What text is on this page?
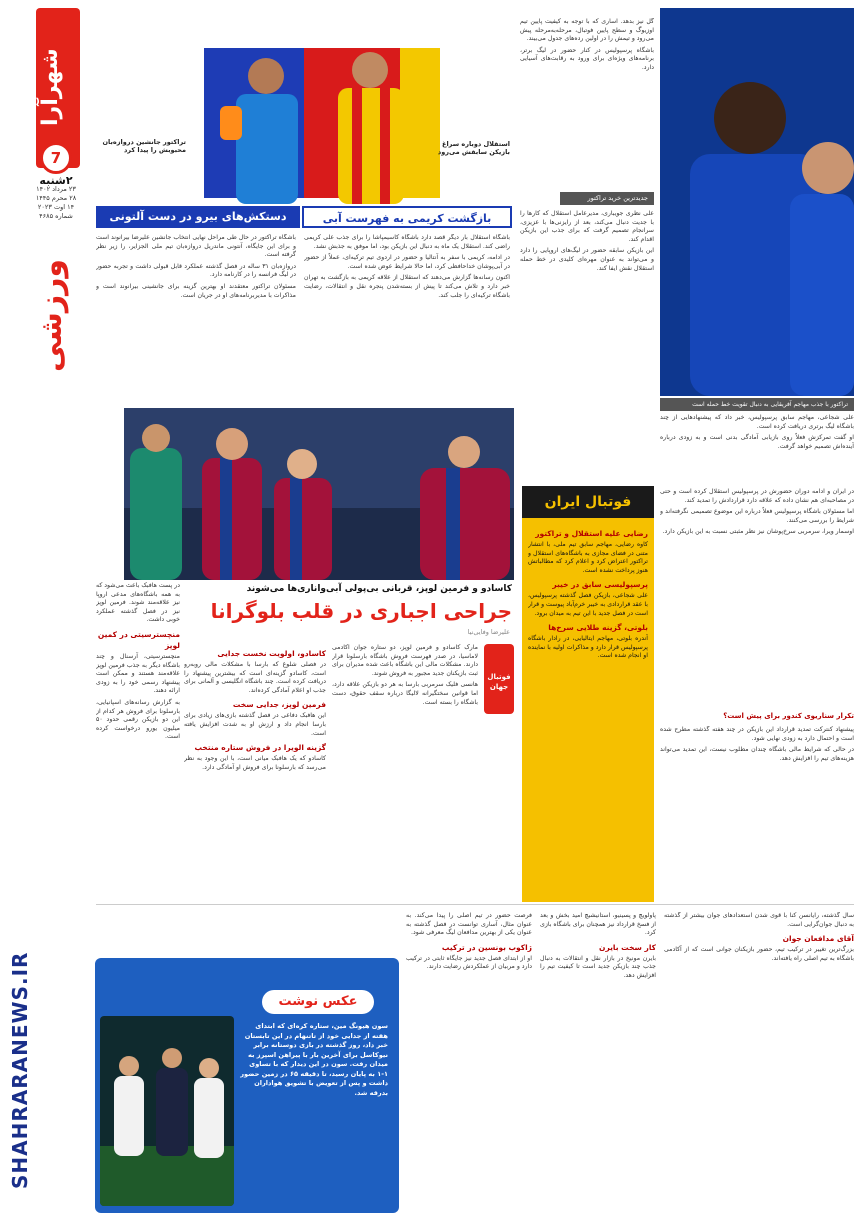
شهرآرا
7
۲شنبه
۲۳ مرداد ۱۴۰۲
۲۸ محرم ۱۴۴۵
۱۴ اوت ۲۰۲۳
شماره ۴۶۸۵
ورزشی
SHAHRARANEWS.IR
تراکتور جانشین دروازه‌بان محبوبش را پیدا کرد
استقلال دوباره سراغ بازیکن سابقش می‌رود
دستکش‌های بیرو در دست آلتونی	بازگشت کریمی به فهرست آبی

باشگاه استقلال بار دیگر قصد دارد باشگاه کاسیمپاشا را برای جذب علی کریمی راضی کند. استقلال یک ماه به دنبال این بازیکن بود، اما موفق به جذبش نشد.

در ادامه، کریمی با سفر به آنتالیا و حضور در اردوی تیم ترکیه‌ای، عملاً از حضور در آبی‌پوشان خداحافظی کرد، اما حالا شرایط عوض شده است.

اکنون رسانه‌ها گزارش می‌دهند که استقلال از علاقه کریمی به بازگشت به تهران خبر دارد و تلاش می‌کند تا پیش از بسته‌شدن پنجره نقل و انتقالات، رضایت باشگاه ترکیه‌ای را جلب کند.

باشگاه تراکتور در حال طی مراحل نهایی انتخاب جانشین علیرضا بیرانوند است و برای این جایگاه، آنتونی ماندریل دروازه‌بان تیم ملی الجزایر، را زیر نظر گرفته است.

دروازه‌بان ۳۱ ساله در فصل گذشته عملکرد قابل قبولی داشت و تجربه حضور در لیگ فرانسه را در کارنامه دارد.

مسئولان تراکتور معتقدند او بهترین گزینه برای جانشینی بیرانوند است و مذاکرات با مدیربرنامه‌های او در جریان است.

گل نیز بدهد. آساری که با توجه به کیفیت پایین تیم اوزیوگ و سطح پایین فوتبال، مرحله‌به‌مرحله پیش می‌رود و تیمش را در اولین رده‌های جدول می‌بیند.

باشگاه پرسپولیس در کنار حضور در لیگ برتر، برنامه‌های ویژه‌ای برای ورود به رقابت‌های آسیایی دارد.

جدیدترین خرید تراکتور

علی نظری جویباری، مدیرعامل استقلال که کارها را با جدیت دنبال می‌کند، بعد از رایزنی‌ها با عزیزی، سرانجام تصمیم گرفت که برای جذب این بازیکن اقدام کند.

این بازیکن سابقه حضور در لیگ‌های اروپایی را دارد و می‌تواند به عنوان مهره‌ای کلیدی در خط حمله استقلال نقش ایفا کند.

تراکتور با جذب مهاجم آفریقایی به دنبال تقویت خط حمله است

علی شجاعی، مهاجم سابق پرسپولیس، خبر داد که پیشنهادهایی از چند باشگاه لیگ برتری دریافت کرده است.

او گفت تمرکزش فعلاً روی بازیابی آمادگی بدنی است و به زودی درباره آینده‌اش تصمیم خواهد گرفت.

کاسادو و فرمین لوپز، قربانی بی‌پولی آبی‌واناری‌ها می‌شوند
جراحی اجباری در قلب بلوگرانا
علیرضا وفایی‌نیا
فوتبال جهان

مارک کاسادو و فرمین لوپز، دو ستاره جوان آکادمی لاماسیا، در صدر فهرست فروش باشگاه بارسلونا قرار دارند. مشکلات مالی این باشگاه باعث شده مدیران برای ثبت بازیکنان جدید مجبور به فروش شوند.

هانسی فلیک سرمربی بارسا به هر دو بازیکن علاقه دارد، اما قوانین سختگیرانه لالیگا درباره سقف حقوق، دست باشگاه را بسته است.

کاسادو، اولویت نخست جدایی

در فصلی شلوغ که بارسا با مشکلات مالی روبه‌رو است، کاسادو گزینه‌ای است که بیشترین پیشنهاد را دریافت کرده است. چند باشگاه انگلیسی و آلمانی برای جذب او اعلام آمادگی کرده‌اند.

فرمین لوپز، جدایی سخت

این هافبک دفاعی در فصل گذشته بازی‌های زیادی برای بارسا انجام داد و ارزش او به شدت افزایش یافته است.

گزینه الویرا در فروش ستاره منتخب

کاسادو که یک هافبک میانی است، با این وجود به نظر می‌رسد که بارسلونا برای فروش او آمادگی دارد.

در پست هافبک باعث می‌شود که به همه باشگاه‌های مدعی اروپا نیز علاقه‌مند شوند. فرمین لوپز نیز در فصل گذشته عملکرد خوبی داشت.

منچسترسیتی در کمین لوپز

منچسترسیتی، آرسنال و چند باشگاه دیگر به جذب فرمین لوپز علاقه‌مند هستند و ممکن است پیشنهاد رسمی خود را به زودی ارائه دهند.

به گزارش رسانه‌های اسپانیایی، بارسلونا برای فروش هر کدام از این دو بازیکن رقمی حدود ۵۰ میلیون یورو درخواست کرده است.

فوتبال ایران
رضایی علیه استقلال و تراکتور

کاوه رضایی، مهاجم سابق تیم ملی، با انتشار متنی در فضای مجازی به باشگاه‌های استقلال و تراکتور اعتراض کرد و اعلام کرد که مطالباتش هنوز پرداخت نشده است.

پرسپولیسی سابق در خیبر

علی شجاعی، بازیکن فصل گذشته پرسپولیس، با عقد قراردادی به خیبر خرم‌آباد پیوست و قرار است در فصل جدید با این تیم به میدان برود.

بلوتی، گزینه طلایی سرخ‌ها

آندره بلوتی، مهاجم ایتالیایی، در رادار باشگاه پرسپولیس قرار دارد و مذاکرات اولیه با نماینده او انجام شده است.

در ایران و ادامه دوران حضورش در پرسپولیس استقلال کرده است و حتی در مصاحبه‌ای هم نشان داده که علاقه دارد قراردادش را تمدید کند.

اما مسئولان باشگاه پرسپولیس فعلاً درباره این موضوع تصمیمی نگرفته‌اند و شرایط را بررسی می‌کنند.

اوسمار ویرا، سرمربی سرخ‌پوشان نیز نظر مثبتی نسبت به این بازیکن دارد.

تکرار سناریوی کندور برای پیش است؟

پیشنهاد کنترکت تمدید قرارداد این بازیکن در چند هفته گذشته مطرح شده است و احتمال دارد به زودی نهایی شود.

در حالی که شرایط مالی باشگاه چندان مطلوب نیست، این تمدید می‌تواند هزینه‌های تیم را افزایش دهد.

عکس نوشت
سون هیونگ مین، ستاره کره‌ای که ابتدای هفته از جدایی خود از تاتنهام در این تابستان خبر داد، روز گذشته در بازی دوستانه برابر نیوکاسل برای آخرین بار با پیراهن اسپرز به میدان رفت. سون در این دیدار که با تساوی ۱-۱ به پایان رسید، تا دقیقه ۶۵ در زمین حضور داشت و پس از تعویض با تشویق هواداران بدرقه شد.

فرصت حضور در تیم اصلی را پیدا می‌کند. به عنوان مثال، آساری توانست در فصل گذشته به عنوان یکی از بهترین مدافعان لیگ معرفی شود.

ژاکوب بونسین در ترکیب

او از ابتدای فصل جدید نیز جایگاه ثابتی در ترکیب دارد و مربیان از عملکردش رضایت دارند.

پاولویچ و پسینیو، استانیشیچ امید بخش و بعد از فسخ قرارداد نیز همچنان برای باشگاه بازی کرد.

کار سخت بایرن

بایرن مونیخ در بازار نقل و انتقالات به دنبال جذب چند بازیکن جدید است تا کیفیت تیم را افزایش دهد.

سال گذشته، رایانسن کنا با قوی شدن استعدادهای جوان بیشتر از گذشته به دنبال جوان‌گرایی است.

آقای مدافعان جوان

بزرگ‌ترین تغییر در ترکیب تیم، حضور بازیکنان جوانی است که از آکادمی باشگاه به تیم اصلی راه یافته‌اند.
